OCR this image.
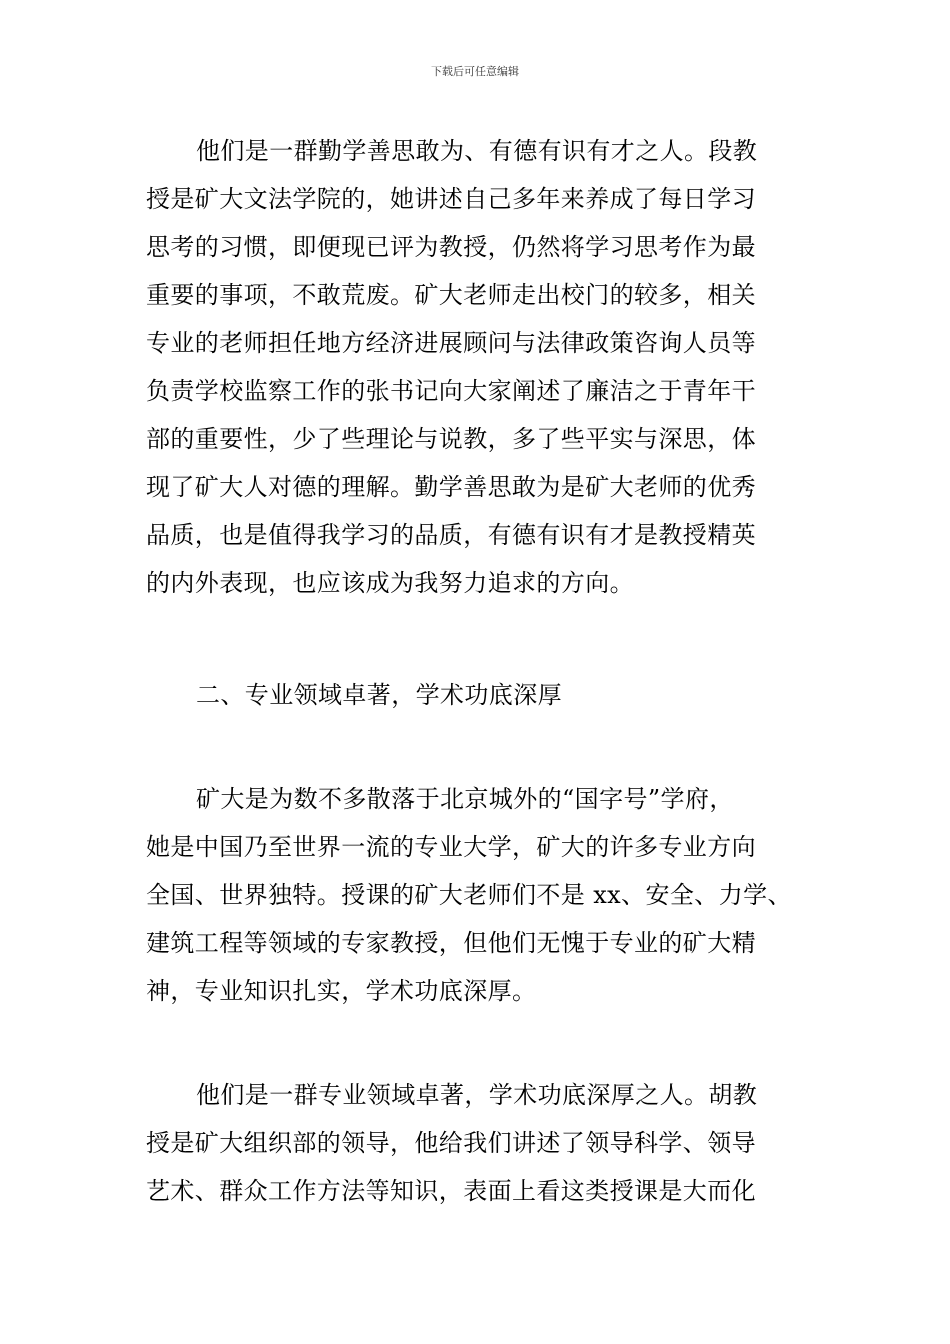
下载后可任意编辑
他们是一群勤学善思敢为、有德有识有才之人。段教
授是矿大文法学院的，她讲述自己多年来养成了每日学习
思考的习惯，即便现已评为教授，仍然将学习思考作为最
重要的事项，不敢荒废。矿大老师走出校门的较多，相关
专业的老师担任地方经济进展顾问与法律政策咨询人员等
负责学校监察工作的张书记向大家阐述了廉洁之于青年干
部的重要性，少了些理论与说教，多了些平实与深思，体
现了矿大人对德的理解。勤学善思敢为是矿大老师的优秀
品质，也是值得我学习的品质，有德有识有才是教授精英
的内外表现，也应该成为我努力追求的方向。
二、专业领域卓著，学术功底深厚
矿大是为数不多散落于北京城外的“国字号”学府，
她是中国乃至世界一流的专业大学，矿大的许多专业方向
全国、世界独特。授课的矿大老师们不是 xx、安全、力学、
建筑工程等领域的专家教授，但他们无愧于专业的矿大精
神，专业知识扎实，学术功底深厚。
他们是一群专业领域卓著，学术功底深厚之人。胡教
授是矿大组织部的领导，他给我们讲述了领导科学、领导
艺术、群众工作方法等知识，表面上看这类授课是大而化
